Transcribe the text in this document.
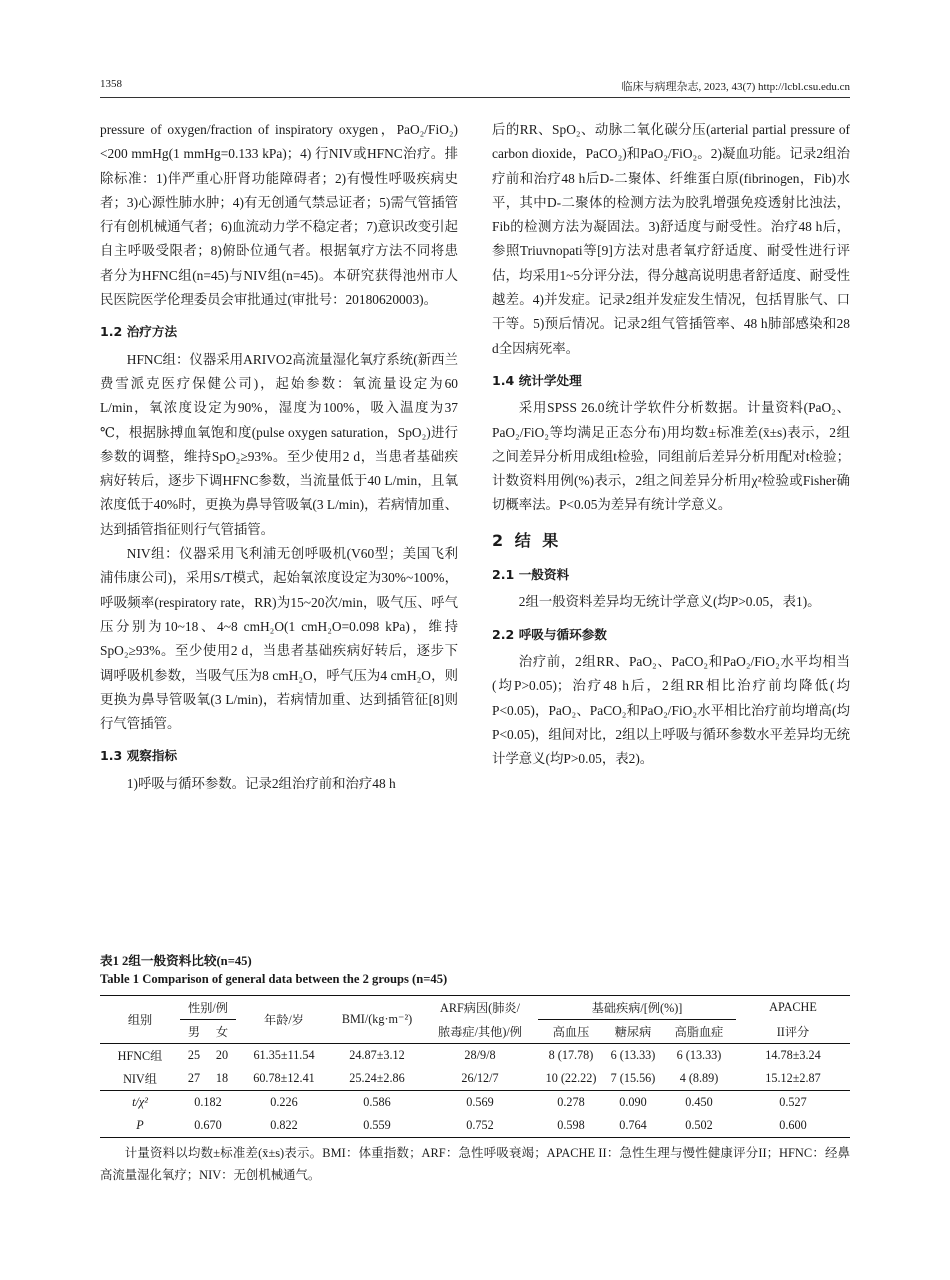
1358	临床与病理杂志, 2023, 43(7) http://lcbl.csu.edu.cn

pressure of oxygen/fraction of inspiratory oxygen，PaO₂/FiO₂) <200 mmHg(1 mmHg=0.133 kPa)；4) 行NIV或HFNC治疗。排除标准：1)伴严重心肝肾功能障碍者；2)有慢性呼吸疾病史者；3)心源性肺水肿；4)有无创通气禁忌证者；5)需气管插管行有创机械通气者；6)血流动力学不稳定者；7)意识改变引起自主呼吸受限者；8)俯卧位通气者。根据氧疗方法不同将患者分为HFNC组(n=45)与NIV组(n=45)。本研究获得池州市人民医院医学伦理委员会审批通过(审批号：20180620003)。

1.2 治疗方法

HFNC组：仪器采用ARIVO2高流量湿化氧疗系统(新西兰费雪派克医疗保健公司)，起始参数：氧流量设定为60 L/min，氧浓度设定为90%，湿度为100%，吸入温度为37 ℃，根据脉搏血氧饱和度(pulse oxygen saturation，SpO₂)进行参数的调整，维持SpO₂≥93%。至少使用2 d，当患者基础疾病好转后，逐步下调HFNC参数，当流量低于40 L/min，且氧浓度低于40%时，更换为鼻导管吸氧(3 L/min)，若病情加重、达到插管指征则行气管插管。

NIV组：仪器采用飞利浦无创呼吸机(V60型；美国飞利浦伟康公司)，采用S/T模式，起始氧浓度设定为30%~100%，呼吸频率(respiratory rate，RR)为15~20次/min，吸气压、呼气压分别为10~18、4~8 cmH₂O(1 cmH₂O=0.098 kPa)，维持SpO₂≥93%。至少使用2 d，当患者基础疾病好转后，逐步下调呼吸机参数，当吸气压为8 cmH₂O，呼气压为4 cmH₂O，则更换为鼻导管吸氧(3 L/min)，若病情加重、达到插管征[8]则行气管插管。

1.3 观察指标

1)呼吸与循环参数。记录2组治疗前和治疗48 h

后的RR、SpO₂、动脉二氧化碳分压(arterial partial pressure of carbon dioxide，PaCO₂)和PaO₂/FiO₂。2)凝血功能。记录2组治疗前和治疗48 h后D-二聚体、纤维蛋白原(fibrinogen，Fib)水平，其中D-二聚体的检测方法为胶乳增强免疫透射比浊法，Fib的检测方法为凝固法。3)舒适度与耐受性。治疗48 h后，参照Triuvnopati等[9]方法对患者氧疗舒适度、耐受性进行评估，均采用1~5分评分法，得分越高说明患者舒适度、耐受性越差。4)并发症。记录2组并发症发生情况，包括胃胀气、口干等。5)预后情况。记录2组气管插管率、48 h肺部感染和28 d全因病死率。

1.4 统计学处理

采用SPSS 26.0统计学软件分析数据。计量资料(PaO₂、PaO₂/FiO₂等均满足正态分布)用均数±标准差(x̄±s)表示，2组之间差异分析用成组t检验，同组前后差异分析用配对t检验；计数资料用例(%)表示，2组之间差异分析用χ²检验或Fisher确切概率法。P<0.05为差异有统计学意义。

2 结 果

2.1 一般资料

2组一般资料差异均无统计学意义(均P>0.05，表1)。

2.2 呼吸与循环参数

治疗前，2组RR、PaO₂、PaCO₂和PaO₂/FiO₂水平均相当(均P>0.05)；治疗48 h后，2组RR相比治疗前均降低(均P<0.05)，PaO₂、PaCO₂和PaO₂/FiO₂水平相比治疗前均增高(均P<0.05)，组间对比，2组以上呼吸与循环参数水平差异均无统计学意义(均P>0.05，表2)。

表1 2组一般资料比较(n=45)
Table 1 Comparison of general data between the 2 groups (n=45)
组别	性别/例		年龄/岁	BMI/(kg·m⁻²)	ARF病因(肺炎/	基础疾病/[例(%)]			APACHE
	男	女			脓毒症/其他)/例	高血压	糖尿病	高脂血症	II评分
HFNC组	25	20	61.35±11.54	24.87±3.12	28/9/8	8 (17.78)	6 (13.33)	6 (13.33)	14.78±3.24
NIV组	27	18	60.78±12.41	25.24±2.86	26/12/7	10 (22.22)	7 (15.56)	4 (8.89)	15.12±2.87
t/χ²	0.182		0.226	0.586	0.569	0.278	0.090	0.450	0.527
P	0.670		0.822	0.559	0.752	0.598	0.764	0.502	0.600
计量资料以均数±标准差(x̄±s)表示。BMI：体重指数；ARF：急性呼吸衰竭；APACHE II：急性生理与慢性健康评分II；HFNC：经鼻高流量湿化氧疗；NIV：无创机械通气。
